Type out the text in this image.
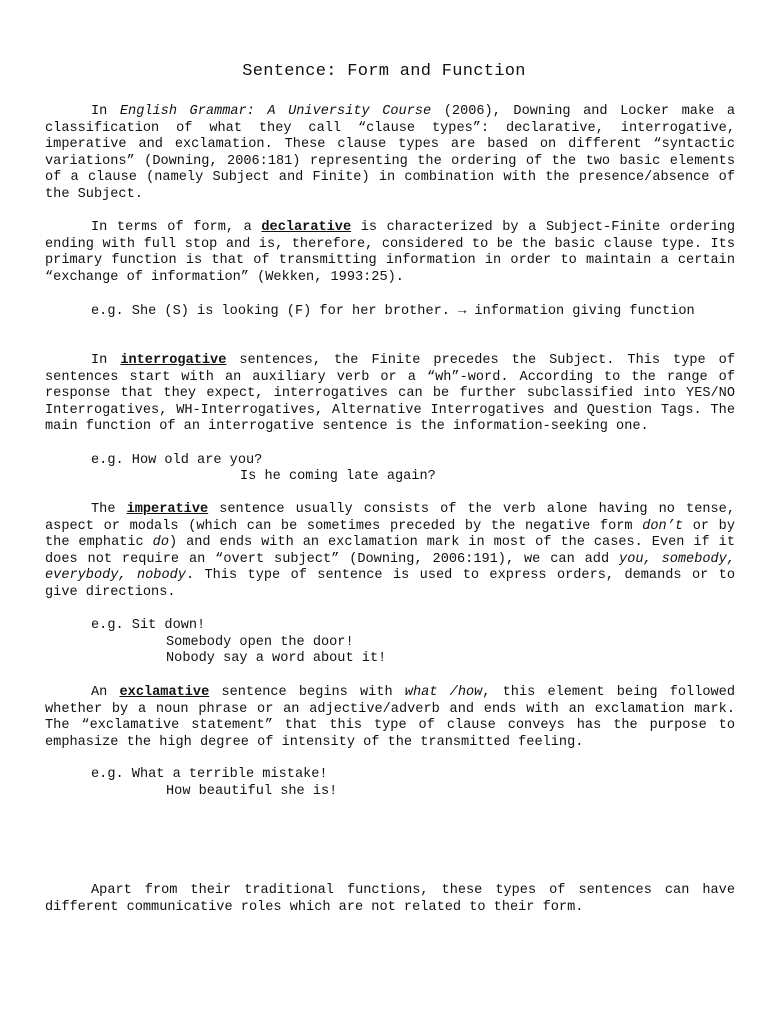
Sentence: Form and Function

In English Grammar: A University Course (2006), Downing and Locker make a classification of what they call “clause types”: declarative, interrogative, imperative and exclamation. These clause types are based on different “syntactic variations” (Downing, 2006:181) representing the ordering of the two basic elements of a clause (namely Subject and Finite) in combination with the presence/absence of the Subject.

In terms of form, a declarative is characterized by a Subject-Finite ordering ending with full stop and is, therefore, considered to be the basic clause type. Its primary function is that of transmitting information in order to maintain a certain “exchange of information” (Wekken, 1993:25).

e.g. She (S) is looking (F) for her brother. → information giving function

In interrogative sentences, the Finite precedes the Subject. This type of sentences start with an auxiliary verb or a “wh”-word. According to the range of response that they expect, interrogatives can be further subclassified into YES/NO Interrogatives, WH-Interrogatives, Alternative Interrogatives and Question Tags. The main function of an interrogative sentence is the information-seeking one.

e.g. How old are you?
Is he coming late again?

The imperative sentence usually consists of the verb alone having no tense, aspect or modals (which can be sometimes preceded by the negative form don’t or by the emphatic do) and ends with an exclamation mark in most of the cases. Even if it does not require an “overt subject” (Downing, 2006:191), we can add you, somebody, everybody, nobody. This type of sentence is used to express orders, demands or to give directions.

e.g. Sit down!
Somebody open the door!
Nobody say a word about it!

An exclamative sentence begins with what /how, this element being followed whether by a noun phrase or an adjective/adverb and ends with an exclamation mark. The “exclamative statement” that this type of clause conveys has the purpose to emphasize the high degree of intensity of the transmitted feeling.

e.g. What a terrible mistake!
How beautiful she is!

Apart from their traditional functions, these types of sentences can have different communicative roles which are not related to their form.
